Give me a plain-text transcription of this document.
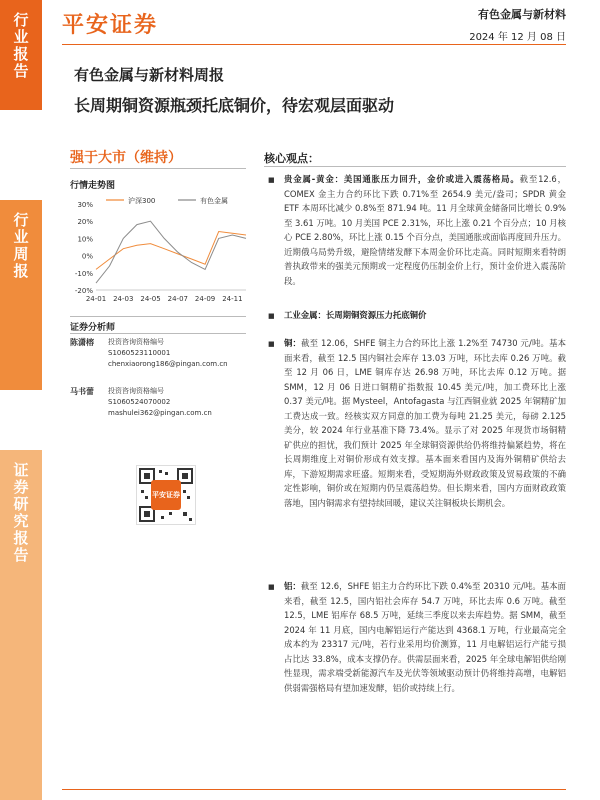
行业报告
行业周报
证券研究报告
平安证券	有色金属与新材料
2024 年 12 月 08 日
有色金属与新材料周报
长周期铜资源瓶颈托底铜价，待宏观层面驱动
强于大市（维持）
行情走势图
30%
20%
10%
0%
-10%
-20%
24-01 24-03 24-05 24-07 24-09 24-11
沪深300	有色金属
证券分析师
陈潇榕 投资咨询资格编号
S1060523110001
chenxiaorong186@pingan.com.cn
马书蕾 投资咨询资格编号
S1060524070002
mashulei362@pingan.com.cn
平安证券
核心观点：
■ 贵金属-黄金：美国通胀压力回升，金价或进入震荡格局。截至12.6，COMEX 金主力合约环比下跌 0.71%至 2654.9 美元/盎司；SPDR 黄金 ETF 本周环比减少 0.8%至 871.94 吨。11 月全球黄金储备同比增长 0.9%至 3.61 万吨。10 月美国 PCE 2.31%，环比上涨 0.21 个百分点；10 月核心 PCE 2.80%，环比上涨 0.15 个百分点，美国通胀或面临再度回升压力。近期俄乌局势升级，避险情绪发酵下本周金价环比走高。同时短期来看特朗普执政带来的强美元预期或一定程度仍压制金价上行，预计金价进入震荡阶段。
■ 工业金属：长周期铜资源压力托底铜价
■ 铜：截至 12.06，SHFE 铜主力合约环比上涨 1.2%至 74730 元/吨。基本面来看，截至 12.5 国内铜社会库存 13.03 万吨，环比去库 0.26 万吨。截至 12 月 06 日，LME 铜库存达 26.98 万吨，环比去库 0.12 万吨。据 SMM，12 月 06 日进口铜精矿指数报 10.45 美元/吨，加工费环比上涨 0.37 美元/吨。据 Mysteel，Antofagasta 与江西铜业就 2025 年铜精矿加工费达成一致。经核实双方同意的加工费为每吨 21.25 美元，每磅 2.125 美分，较 2024 年行业基准下降 73.4%。显示了对 2025 年现货市场铜精矿供应的担忧，我们预计 2025 年全球铜资源供给仍将维持偏紧趋势，将在长周期维度上对铜价形成有效支撑。基本面来看国内及海外铜精矿供给去库，下游短期需求旺盛。短期来看，受短期海外财政政策及贸易政策的不确定性影响，铜价或在短期内仍呈震荡趋势。但长期来看，国内方面财政政策落地，国内铜需求有望持续回暖，建议关注铜板块长期机会。
■ 铝：截至 12.6，SHFE 铝主力合约环比下跌 0.4%至 20310 元/吨。基本面来看，截至 12.5，国内铝社会库存 54.7 万吨，环比去库 0.6 万吨。截至 12.5，LME 铝库存 68.5 万吨，延续三季度以来去库趋势。据 SMM，截至 2024 年 11 月底，国内电解铝运行产能达到 4368.1 万吨，行业最高完全成本约为 23317 元/吨，若行业采用均价测算，11 月电解铝运行产能亏损占比达 33.8%，成本支撑仍存。供需层面来看，2025 年全球电解铝供给刚性显现，需求端受新能源汽车及光伏等领域驱动预计仍将维持高增，电解铝供弱需强格局有望加速发酵，铝价或持续上行。
